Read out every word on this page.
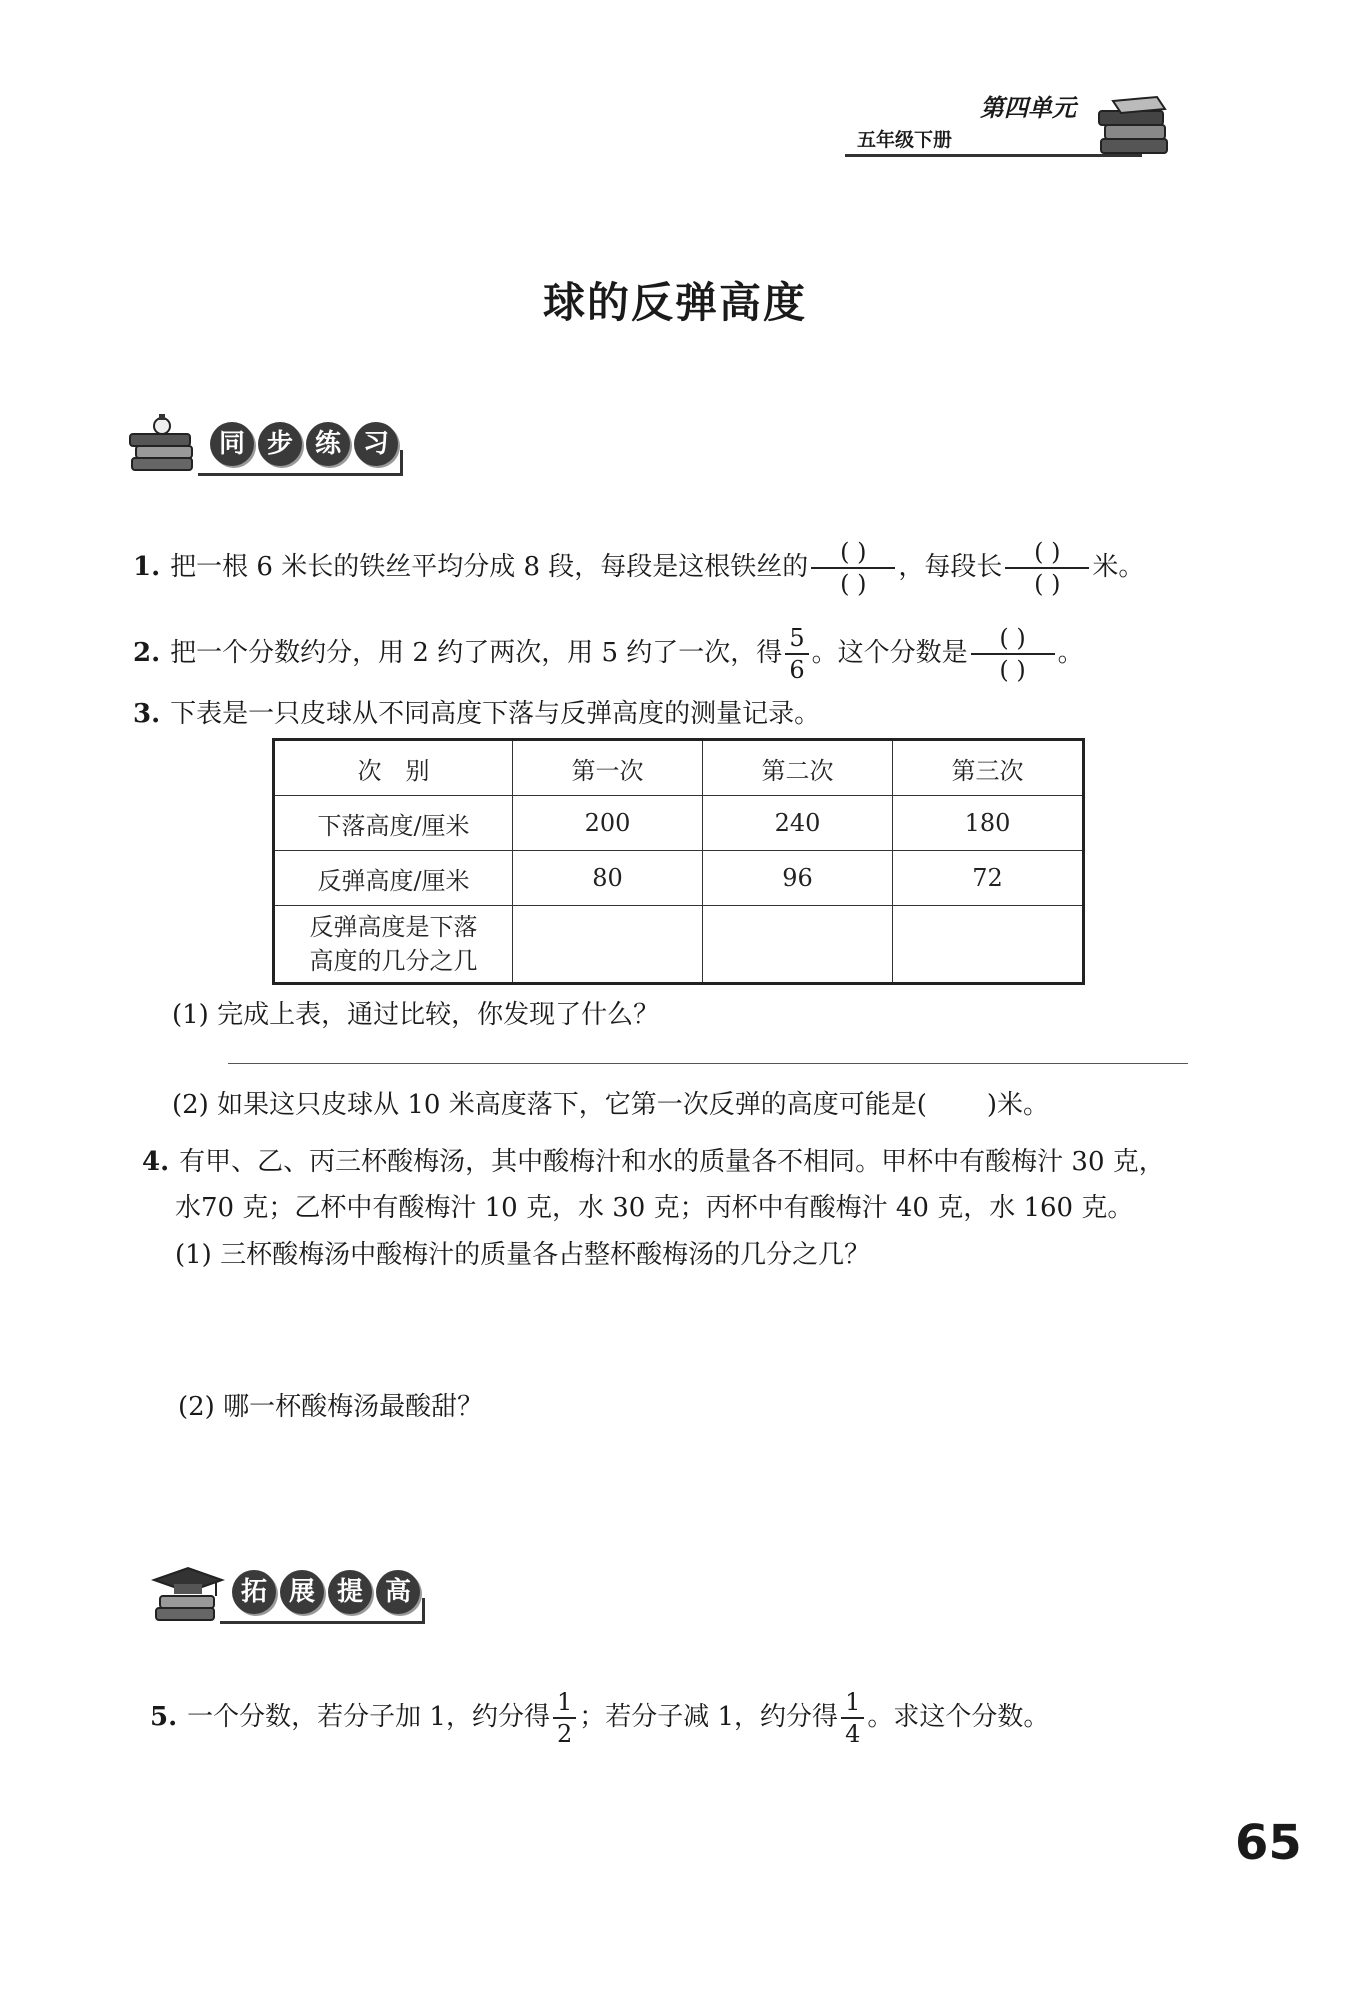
五年级下册
第四单元
球的反弹高度
同 步 练 习
1. 把一根 6 米长的铁丝平均分成 8 段，每段是这根铁丝的 $\frac{( )}{( )}$ ，每段长 $\frac{( )}{( )}$ 米。
2. 把一个分数约分，用 2 约了两次，用 5 约了一次，得 $\frac{5}{6}$ 。这个分数是 $\frac{( )}{( )}$ 。
3. 下表是一只皮球从不同高度下落与反弹高度的测量记录。
次　别	第一次	第二次	第三次
下落高度/厘米	200	240	180
反弹高度/厘米	80	96	72
反弹高度是下落
高度的几分之几			
(1) 完成上表，通过比较，你发现了什么？
(2) 如果这只皮球从 10 米高度落下，它第一次反弹的高度可能是( )米。
4. 有甲、乙、丙三杯酸梅汤，其中酸梅汁和水的质量各不相同。甲杯中有酸梅汁 30 克，
水70 克；乙杯中有酸梅汁 10 克，水 30 克；丙杯中有酸梅汁 40 克，水 160 克。
(1) 三杯酸梅汤中酸梅汁的质量各占整杯酸梅汤的几分之几？
(2) 哪一杯酸梅汤最酸甜？
拓 展 提 高
5. 一个分数，若分子加 1，约分得 $\frac{1}{2}$ ；若分子减 1，约分得 $\frac{1}{4}$ 。求这个分数。
65
